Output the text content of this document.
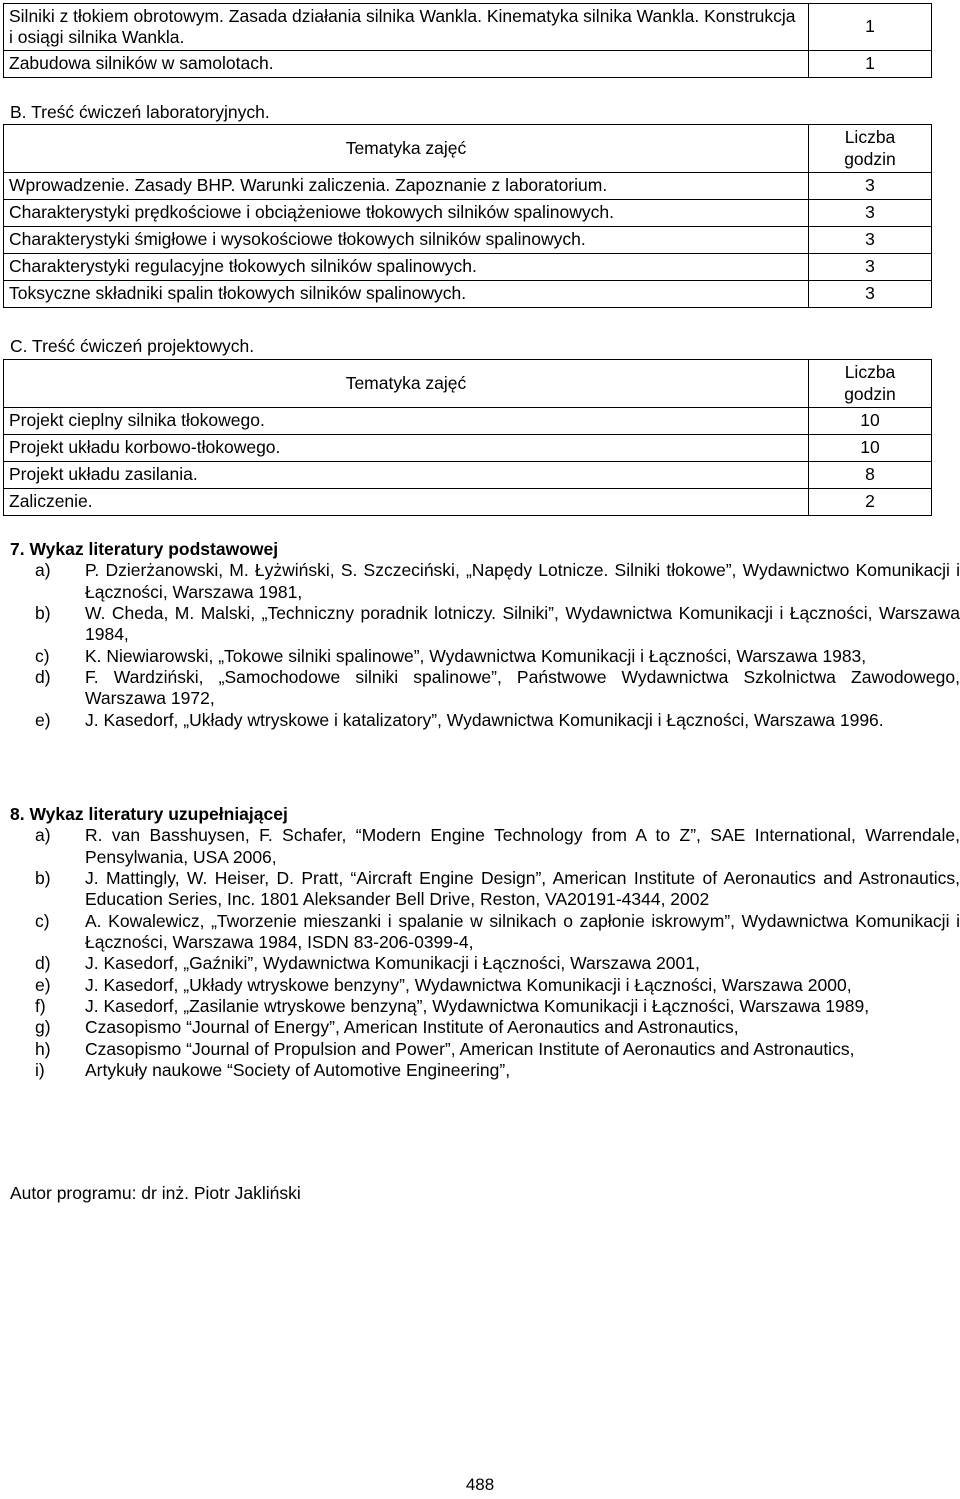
Silniki z tłokiem obrotowym. Zasada działania silnika Wankla. Kinematyka silnika Wankla. Konstrukcja i osiągi silnika Wankla.	1
Zabudowa silników w samolotach.	1
B. Treść ćwiczeń laboratoryjnych.
Tematyka zajęć	Liczba
godzin
Wprowadzenie. Zasady BHP. Warunki zaliczenia. Zapoznanie z laboratorium.	3
Charakterystyki prędkościowe i obciążeniowe tłokowych silników spalinowych.	3
Charakterystyki śmigłowe i wysokościowe tłokowych silników spalinowych.	3
Charakterystyki regulacyjne tłokowych silników spalinowych.	3
Toksyczne składniki spalin tłokowych silników spalinowych.	3
C. Treść ćwiczeń projektowych.
Tematyka zajęć	Liczba
godzin
Projekt cieplny silnika tłokowego.	10
Projekt układu korbowo-tłokowego.	10
Projekt układu zasilania.	8
Zaliczenie.	2
7. Wykaz literatury podstawowej
a)	P. Dzierżanowski, M. Łyżwiński, S. Szczeciński, „Napędy Lotnicze. Silniki tłokowe”, Wydawnictwo Komunikacji i Łączności, Warszawa 1981,
b)	W. Cheda, M. Malski, „Techniczny poradnik lotniczy. Silniki”, Wydawnictwa Komunikacji i Łączności, Warszawa 1984,
c)	K. Niewiarowski, „Tokowe silniki spalinowe”, Wydawnictwa Komunikacji i Łączności, Warszawa 1983,
d)	F. Wardziński, „Samochodowe silniki spalinowe”, Państwowe Wydawnictwa Szkolnictwa Zawodowego, Warszawa 1972,
e)	J. Kasedorf, „Układy wtryskowe i katalizatory”, Wydawnictwa Komunikacji i Łączności, Warszawa 1996.
8. Wykaz literatury uzupełniającej
a)	R. van Basshuysen, F. Schafer, “Modern Engine Technology from A to Z”, SAE International, Warrendale, Pensylwania, USA 2006,
b)	J. Mattingly, W. Heiser, D. Pratt, “Aircraft Engine Design”, American Institute of Aeronautics and Astronautics, Education Series, Inc. 1801 Aleksander Bell Drive, Reston, VA20191-4344, 2002
c)	A. Kowalewicz, „Tworzenie mieszanki i spalanie w silnikach o zapłonie iskrowym”, Wydawnictwa Komunikacji i Łączności, Warszawa 1984, ISDN 83-206-0399-4,
d)	J. Kasedorf, „Gaźniki”, Wydawnictwa Komunikacji i Łączności, Warszawa 2001,
e)	J. Kasedorf, „Układy wtryskowe benzyny”, Wydawnictwa Komunikacji i Łączności, Warszawa 2000,
f)	J. Kasedorf, „Zasilanie wtryskowe benzyną”, Wydawnictwa Komunikacji i Łączności, Warszawa 1989,
g)	Czasopismo “Journal of Energy”, American Institute of Aeronautics and Astronautics,
h)	Czasopismo “Journal of Propulsion and Power”, American Institute of Aeronautics and Astronautics,
i)	Artykuły naukowe “Society of Automotive Engineering”,
Autor programu: dr inż. Piotr Jakliński
488
